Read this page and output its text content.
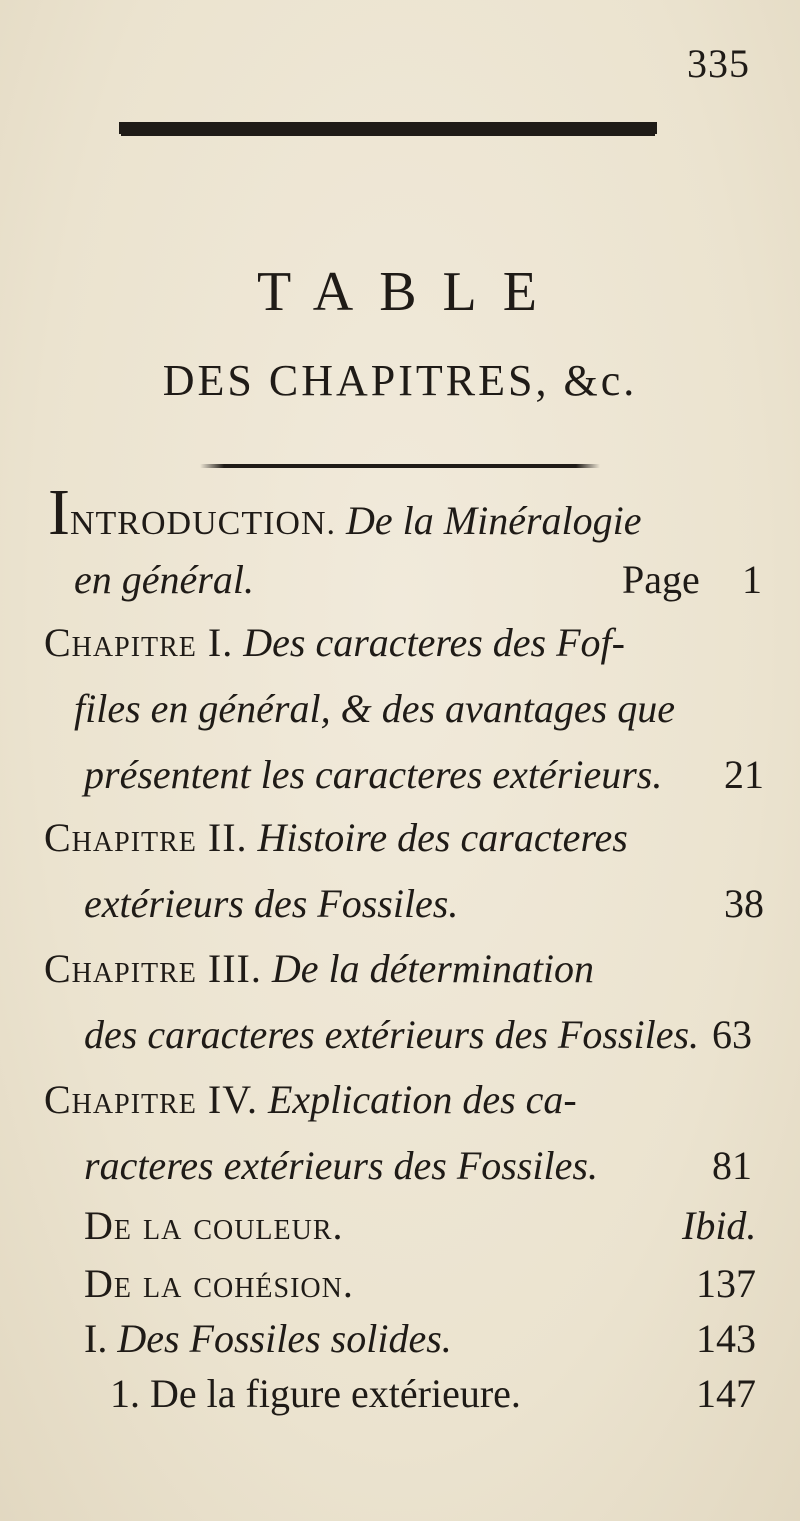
335
TABLE
DES CHAPITRES, &c.
INTRODUCTION. De la Minéralogie
en général.	Page 1
Chapitre I. Des caracteres des Fof-
files en général, & des avantages que
présentent les caracteres extérieurs. 21
Chapitre II. Histoire des caracteres
extérieurs des Fossiles.	38
Chapitre III. De la détermination
des caracteres extérieurs des Fossiles. 63
Chapitre IV. Explication des ca-
racteres extérieurs des Fossiles.	81
De la couleur.	Ibid.
De la cohésion.	137
I. Des Fossiles solides.	143
1. De la figure extérieure.	147
